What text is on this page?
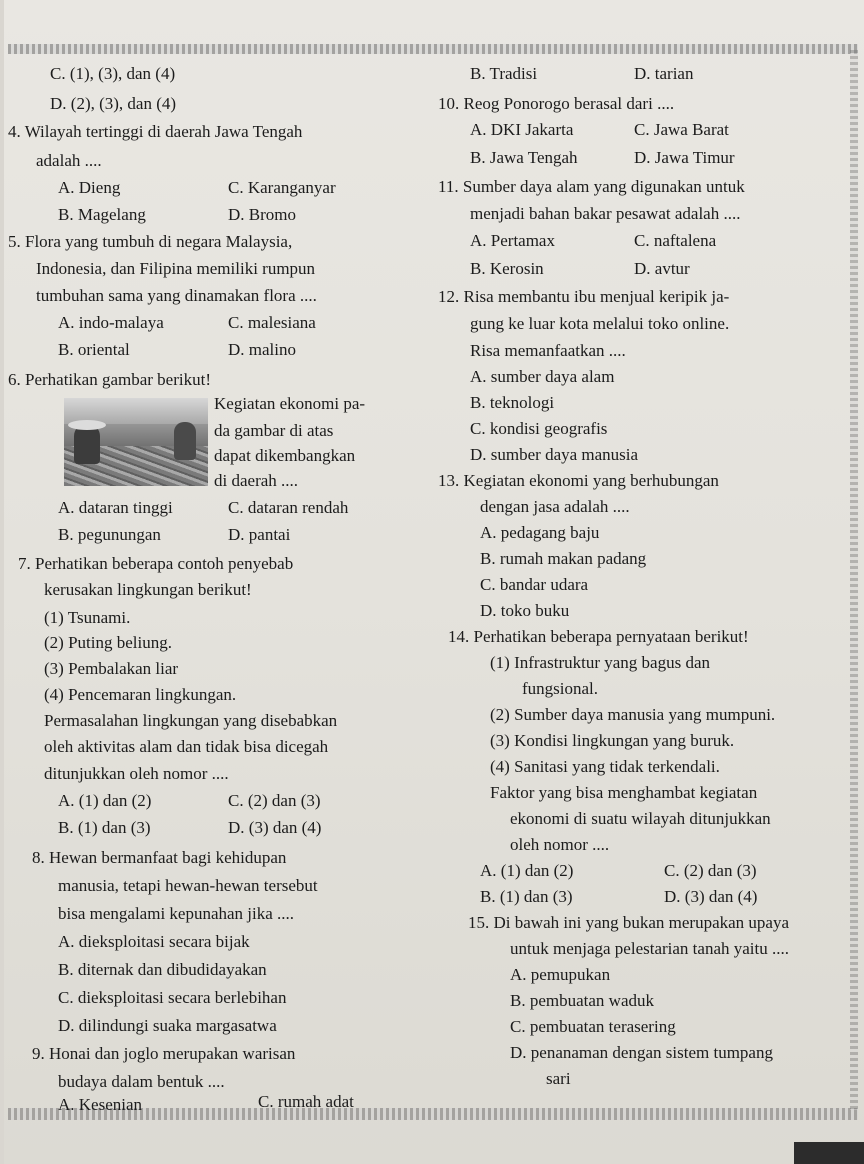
C. (1), (3), dan (4)
D. (2), (3), dan (4)
4. Wilayah tertinggi di daerah Jawa Tengah
adalah ....
A. Dieng	C. Karanganyar
B. Magelang	D. Bromo
5. Flora yang tumbuh di negara Malaysia,
Indonesia, dan Filipina memiliki rumpun
tumbuhan sama yang dinamakan flora ....
A. indo-malaya	C. malesiana
B. oriental	D. malino
6. Perhatikan gambar berikut!
Kegiatan ekonomi pa-
da gambar di atas
dapat dikembangkan
di daerah ....
A. dataran tinggi	C. dataran rendah
B. pegunungan	D. pantai
7. Perhatikan beberapa contoh penyebab
kerusakan lingkungan berikut!
(1) Tsunami.
(2) Puting beliung.
(3) Pembalakan liar
(4) Pencemaran lingkungan.
Permasalahan lingkungan yang disebabkan
oleh aktivitas alam dan tidak bisa dicegah
ditunjukkan oleh nomor ....
A. (1) dan (2)	C. (2) dan (3)
B. (1) dan (3)	D. (3) dan (4)
8. Hewan bermanfaat bagi kehidupan
manusia, tetapi hewan-hewan tersebut
bisa mengalami kepunahan jika ....
A. dieksploitasi secara bijak
B. diternak dan dibudidayakan
C. dieksploitasi secara berlebihan
D. dilindungi suaka margasatwa
9. Honai dan joglo merupakan warisan
budaya dalam bentuk ....
A. Kesenian	C. rumah adat
B. Tradisi	D. tarian
10. Reog Ponorogo berasal dari ....
A. DKI Jakarta	C. Jawa Barat
B. Jawa Tengah	D. Jawa Timur
11. Sumber daya alam yang digunakan untuk
menjadi bahan bakar pesawat adalah ....
A. Pertamax	C. naftalena
B. Kerosin	D. avtur
12. Risa membantu ibu menjual keripik ja-
gung ke luar kota melalui toko online.
Risa memanfaatkan ....
A. sumber daya alam
B. teknologi
C. kondisi geografis
D. sumber daya manusia
13. Kegiatan ekonomi yang berhubungan
dengan jasa adalah ....
A. pedagang baju
B. rumah makan padang
C. bandar udara
D. toko buku
14. Perhatikan beberapa pernyataan berikut!
(1) Infrastruktur yang bagus dan
fungsional.
(2) Sumber daya manusia yang mumpuni.
(3) Kondisi lingkungan yang buruk.
(4) Sanitasi yang tidak terkendali.
Faktor yang bisa menghambat kegiatan
ekonomi di suatu wilayah ditunjukkan
oleh nomor ....
A. (1) dan (2)	C. (2) dan (3)
B. (1) dan (3)	D. (3) dan (4)
15. Di bawah ini yang bukan merupakan upaya
untuk menjaga pelestarian tanah yaitu ....
A. pemupukan
B. pembuatan waduk
C. pembuatan terasering
D. penanaman dengan sistem tumpang
sari
